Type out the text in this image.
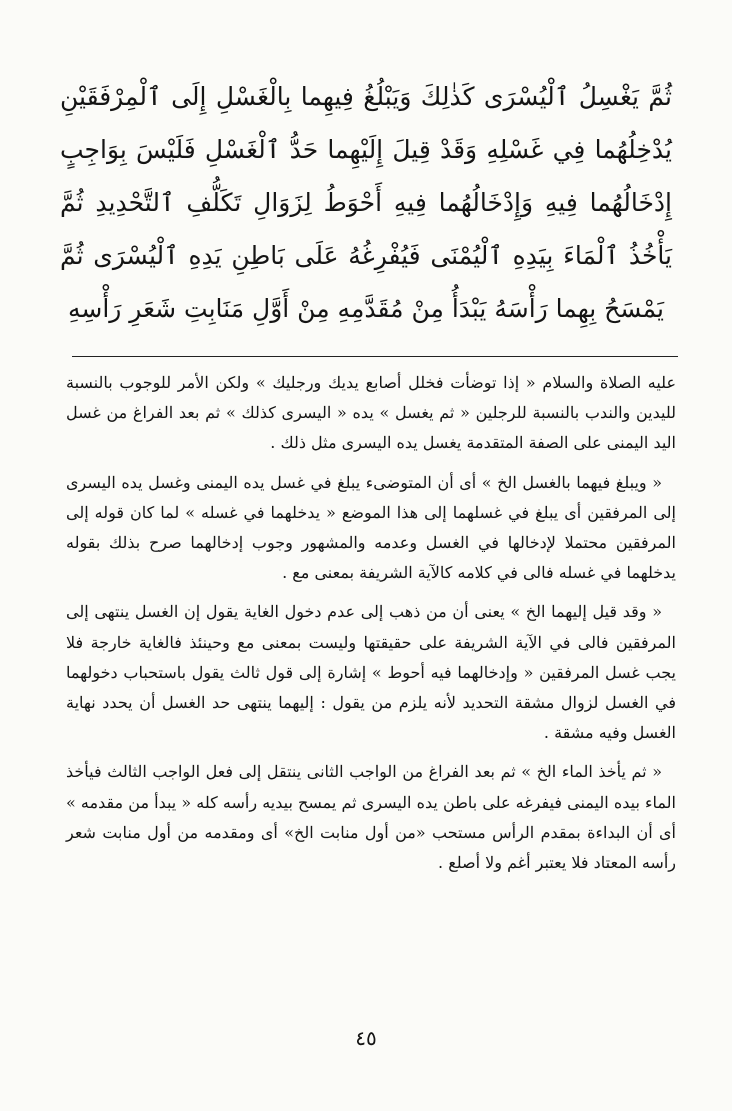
ثُمَّ يَغْسِلُ ٱلْيُسْرَى كَذٰلِكَ وَيَبْلُغُ فِيهِما بِالْغَسْلِ إِلَى ٱلْمِرْفَقَيْنِ يُدْخِلُهُما فِي غَسْلِهِ وَقَدْ قِيلَ إِلَيْهِما حَدُّ ٱلْغَسْلِ فَلَيْسَ بِوَاجِبٍ إِدْخَالُهُما فِيهِ وَإِدْخَالُهُما فِيهِ أَحْوَطُ لِزَوَالِ تَكَلُّفِ ٱلتَّحْدِيدِ ثُمَّ يَأْخُذُ ٱلْمَاءَ بِيَدِهِ ٱلْيُمْنَى فَيُفْرِغُهُ عَلَى بَاطِنِ يَدِهِ ٱلْيُسْرَى ثُمَّ يَمْسَحُ بِهِما رَأْسَهُ يَبْدَأُ مِنْ مُقَدَّمِهِ مِنْ أَوَّلِ مَنَابِتِ شَعَرِ رَأْسِهِ

عليه الصلاة والسلام « إذا توضأت فخلل أصابع يديك ورجليك » ولكن الأمر للوجوب بالنسبة لليدين والندب بالنسبة للرجلين « ثم يغسل » يده « اليسرى كذلك » ثم بعد الفراغ من غسل اليد اليمنى على الصفة المتقدمة يغسل يده اليسرى مثل ذلك .

« ويبلغ فيهما بالغسل الخ » أى أن المتوضىء يبلغ في غسل يده اليمنى وغسل يده اليسرى إلى المرفقين أى يبلغ في غسلهما إلى هذا الموضع « يدخلهما في غسله » لما كان قوله إلى المرفقين محتملا لإدخالها في الغسل وعدمه والمشهور وجوب إدخالهما صرح بذلك بقوله يدخلهما في غسله فالى في كلامه كالآية الشريفة بمعنى مع .

« وقد قيل إليهما الخ » يعنى أن من ذهب إلى عدم دخول الغاية يقول إن الغسل ينتهى إلى المرفقين فالى في الآية الشريفة على حقيقتها وليست بمعنى مع وحينئذ فالغاية خارجة فلا يجب غسل المرفقين « وإدخالهما فيه أحوط » إشارة إلى قول ثالث يقول باستحباب دخولهما في الغسل لزوال مشقة التحديد لأنه يلزم من يقول : إليهما ينتهى حد الغسل أن يحدد نهاية الغسل وفيه مشقة .

« ثم يأخذ الماء الخ » ثم بعد الفراغ من الواجب الثانى ينتقل إلى فعل الواجب الثالث فيأخذ الماء بيده اليمنى فيفرغه على باطن يده اليسرى ثم يمسح بيديه رأسه كله « يبدأ من مقدمه » أى أن البداءة بمقدم الرأس مستحب «من أول منابت الخ» أى ومقدمه من أول منابت شعر رأسه المعتاد فلا يعتبر أغم ولا أصلع .

٤٥
